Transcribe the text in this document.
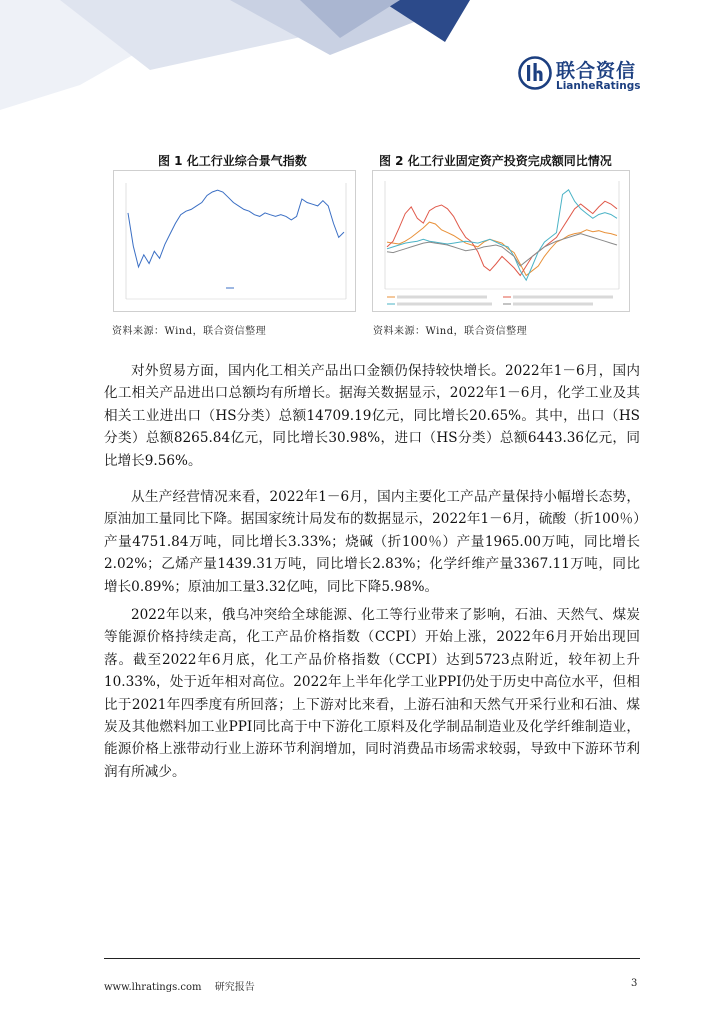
联合资信
LianheRatings
图 1 化工行业综合景气指数
资料来源：Wind，联合资信整理
图 2 化工行业固定资产投资完成额同比情况
资料来源：Wind，联合资信整理

对外贸易方面，国内化工相关产品出口金额仍保持较快增长。2022年1－6月，国内化工相关产品进出口总额均有所增长。据海关数据显示，2022年1－6月，化学工业及其相关工业进出口（HS分类）总额14709.19亿元，同比增长20.65%。其中，出口（HS分类）总额8265.84亿元，同比增长30.98%，进口（HS分类）总额6443.36亿元，同比增长9.56%。

从生产经营情况来看，2022年1－6月，国内主要化工产品产量保持小幅增长态势，原油加工量同比下降。据国家统计局发布的数据显示，2022年1－6月，硫酸（折100％）产量4751.84万吨，同比增长3.33%；烧碱（折100％）产量1965.00万吨，同比增长2.02%；乙烯产量1439.31万吨，同比增长2.83%；化学纤维产量3367.11万吨，同比增长0.89%；原油加工量3.32亿吨，同比下降5.98%。

2022年以来，俄乌冲突给全球能源、化工等行业带来了影响，石油、天然气、煤炭等能源价格持续走高，化工产品价格指数（CCPI）开始上涨，2022年6月开始出现回落。截至2022年6月底，化工产品价格指数（CCPI）达到5723点附近，较年初上升10.33%，处于近年相对高位。2022年上半年化学工业PPI仍处于历史中高位水平，但相比于2021年四季度有所回落；上下游对比来看，上游石油和天然气开采行业和石油、煤炭及其他燃料加工业PPI同比高于中下游化工原料及化学制品制造业及化学纤维制造业，能源价格上涨带动行业上游环节利润增加，同时消费品市场需求较弱，导致中下游环节利润有所减少。

www.lhratings.com 研究报告	3
